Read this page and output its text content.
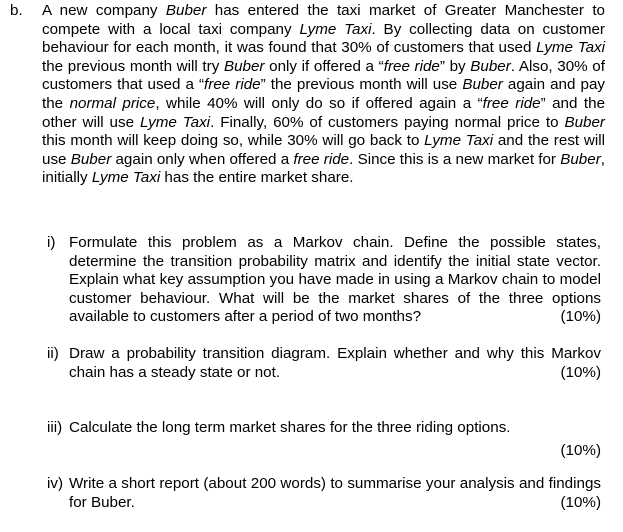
b. A new company Buber has entered the taxi market of Greater Manchester to compete with a local taxi company Lyme Taxi. By collecting data on customer behaviour for each month, it was found that 30% of customers that used Lyme Taxi the previous month will try Buber only if offered a “free ride” by Buber. Also, 30% of customers that used a “free ride” the previous month will use Buber again and pay the normal price, while 40% will only do so if offered again a “free ride” and the other will use Lyme Taxi. Finally, 60% of customers paying normal price to Buber this month will keep doing so, while 30% will go back to Lyme Taxi and the rest will use Buber again only when offered a free ride. Since this is a new market for Buber, initially Lyme Taxi has the entire market share.
i) Formulate this problem as a Markov chain. Define the possible states, determine the transition probability matrix and identify the initial state vector. Explain what key assumption you have made in using a Markov chain to model customer behaviour. What will be the market shares of the three options available to customers after a period of two months?	(10%)
ii) Draw a probability transition diagram. Explain whether and why this Markov chain has a steady state or not.	(10%)
iii) Calculate the long term market shares for the three riding options.
(10%)
iv) Write a short report (about 200 words) to summarise your analysis and findings for Buber.	(10%)
